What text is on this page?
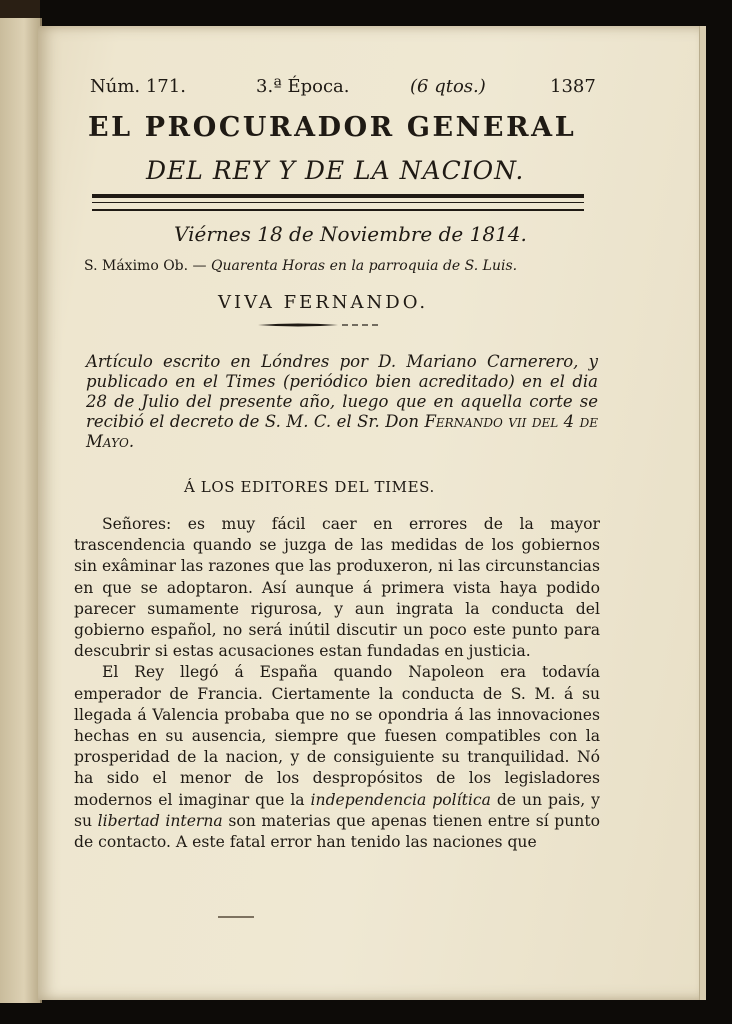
Núm. 171.	3.ª Época.	(6 qtos.)	1387
EL PROCURADOR GENERAL
DEL REY Y DE LA NACION.
Viérnes 18 de Noviembre de 1814.
S. Máximo Ob. — Quarenta Horas en la parroquia de S. Luis.
VIVA FERNANDO.
Artículo escrito en Lóndres por D. Mariano Carnerero, y publicado en el Times (periódico bien acreditado) en el dia 28 de Julio del presente año, luego que en aquella corte se recibió el decreto de S. M. C. el Sr. Don Fernando vii del 4 de Mayo.
Á LOS EDITORES DEL TIMES.

Señores: es muy fácil caer en errores de la mayor trascendencia quando se juzga de las medidas de los gobiernos sin exâminar las razones que las produxeron, ni las circunstancias en que se adoptaron. Así aunque á primera vista haya podido parecer sumamente rigurosa, y aun ingrata la conducta del gobierno español, no será inútil discutir un poco este punto para descubrir si estas acusaciones estan fundadas en justicia.

El Rey llegó á España quando Napoleon era todavía emperador de Francia. Ciertamente la conducta de S. M. á su llegada á Valencia probaba que no se opondria á las innovaciones hechas en su ausencia, siempre que fuesen compatibles con la prosperidad de la nacion, y de consiguiente su tranquilidad. Nó ha sido el menor de los despropósitos de los legisladores modernos el imaginar que la independencia política de un pais, y su libertad interna son materias que apenas tienen entre sí punto de contacto. A este fatal error han tenido las naciones que
